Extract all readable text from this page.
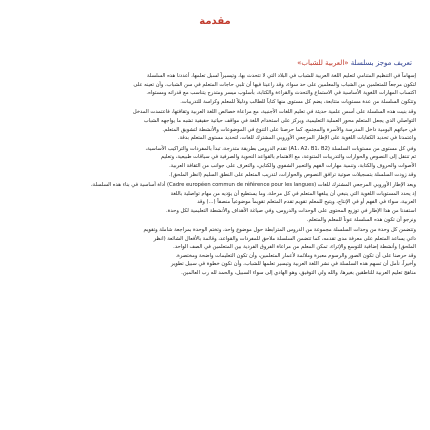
مقدمة
تعريف موجز بسلسلة «العربية للشباب»
إسهاماً في التنظيم المتنامي لتعليم اللغة العربية للشباب في البلاد التي لا تتحدث بها، وتيسيراً لسبل تعلمها، أعددنا هذه السلسلة
لتكون مرجعاً للمتعلمين من الشباب والمعلمين على حد سواء، وقد راعينا فيها أن تلبي حاجات المتعلم في سن الشباب، وأن تعينه على
اكتساب المهارات اللغوية الأساسية في الاستماع والتحدث والقراءة والكتابة، بأسلوب ميسر ومتدرج يتناسب مع قدراته ومستواه.
وتتكون السلسلة من عدة مستويات متتابعة، يضم كل مستوى منها كتاباً للطالب ودليلاً للمعلم وكراسة للتدريبات.
وقد بنيت هذه السلسلة على أسس علمية حديثة في تعليم اللغات الأجنبية، مع مراعاة خصائص اللغة العربية وثقافتها، فاعتمدت المدخل
التواصلي الذي يجعل المتعلم محور العملية التعليمية، ويركز على استخدام اللغة في مواقف حياتية حقيقية تشبه ما يواجهه الشباب
في حياتهم اليومية داخل المدرسة والأسرة والمجتمع، كما حرصنا على التنوع في الموضوعات والأنشطة لتشويق المتعلم.
واعتمدنا في تحديد الكفايات اللغوية على الإطار المرجعي الأوروبي المشترك للغات، لتحديد مستوى المتعلم بدقة.
وفي كل مستوى من مستويات السلسلة (A1، A2، B1، B2) تقدم الدروس بطريقة متدرجة، تبدأ بالمفردات والتراكيب الأساسية،
ثم تنتقل إلى النصوص والحوارات والتدريبات المتنوعة، مع الاهتمام بالقواعد النحوية والصرفية في سياقات طبيعية، وتعليم
الأصوات والحروف والكتابة، وتنمية مهارات الفهم والتعبير الشفوي والكتابي، والتعرف على جوانب من الثقافة العربية.
وقد زودت السلسلة بتسجيلات صوتية ترافق النصوص والحوارات، لتدريب المتعلم على النطق السليم (انظر الملحق).
ويعد الإطار الأوروبي المرجعي المشترك للغات (Cadre européen commun de référence pour les langues) أداة أساسية في بناء هذه السلسلة،
إذ يحدد المستويات اللغوية التي ينبغي أن يبلغها المتعلم في كل مرحلة، وما يستطيع أن يؤديه من مهام تواصلية باللغة
العربية، سواء في الفهم أو في الإنتاج، ويتيح للمعلم تقويم تقدم المتعلم تقويماً موضوعياً منصفاً (...) وقد
استفدنا من هذا الإطار في توزيع المحتوى على الوحدات والدروس، وفي صياغة الأهداف والأنشطة التعليمية لكل وحدة.
ونرجو أن تكون هذه السلسلة عوناً للمعلم والمتعلم.
وتتضمن كل وحدة من وحدات السلسلة مجموعة من الدروس المترابطة حول موضوع واحد، وتختم الوحدة بمراجعة شاملة وتقويم
ذاتي يساعد المتعلم على معرفة مدى تقدمه، كما تتضمن السلسلة ملاحق للمفردات والقواعد، وقائمة بالأفعال الشائعة (انظر
الملحق) وأنشطة إضافية للتوسع والإثراء، تمكن المعلم من مراعاة الفروق الفردية بين المتعلمين في الصف الواحد.
وقد حرصنا على أن تكون الصور والرسوم معبرة وملائمة لأعمار المتعلمين، وأن تكون التعليمات واضحة ومختصرة.
وأخيراً، نأمل أن تسهم هذه السلسلة في نشر اللغة العربية وتيسير تعلمها للشباب، وأن تكون خطوة في سبيل تطوير
مناهج تعليم العربية للناطقين بغيرها، والله ولي التوفيق، وهو الهادي إلى سواء السبيل، والحمد لله رب العالمين.
